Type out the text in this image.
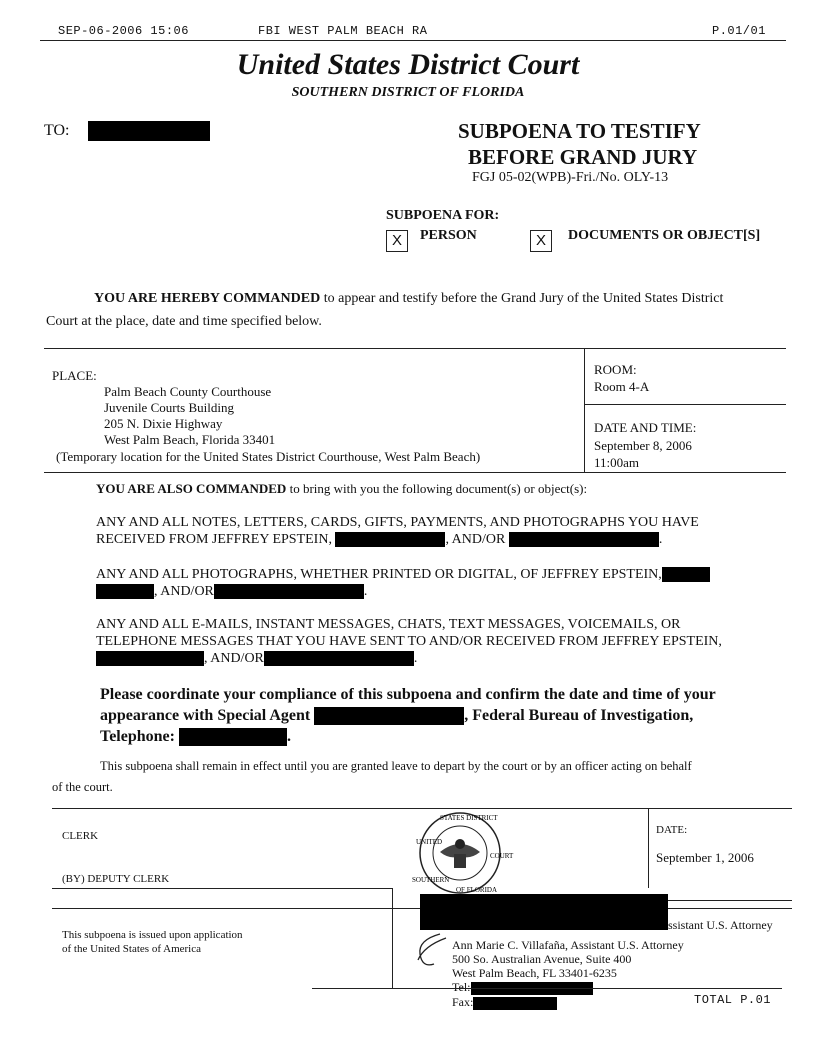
SEP-06-2006 15:06	FBI WEST PALM BEACH RA	P.01/01
United States District Court
SOUTHERN DISTRICT OF FLORIDA
TO:	SUBPOENA TO TESTIFY
BEFORE GRAND JURY
FGJ 05-02(WPB)-Fri./No. OLY-13
SUBPOENA FOR:
X	PERSON	X	DOCUMENTS OR OBJECT[S]
YOU ARE HEREBY COMMANDED to appear and testify before the Grand Jury of the United States District
Court at the place, date and time specified below.
PLACE:
Palm Beach County Courthouse
Juvenile Courts Building
205 N. Dixie Highway
West Palm Beach, Florida 33401
(Temporary location for the United States District Courthouse, West Palm Beach)
ROOM:
Room 4-A
DATE AND TIME:
September 8, 2006
11:00am
YOU ARE ALSO COMMANDED to bring with you the following document(s) or object(s):
ANY AND ALL NOTES, LETTERS, CARDS, GIFTS, PAYMENTS, AND PHOTOGRAPHS YOU HAVE
RECEIVED FROM JEFFREY EPSTEIN,	, AND/OR	.
ANY AND ALL PHOTOGRAPHS, WHETHER PRINTED OR DIGITAL, OF JEFFREY EPSTEIN,
, AND/OR	.
ANY AND ALL E-MAILS, INSTANT MESSAGES, CHATS, TEXT MESSAGES, VOICEMAILS, OR
TELEPHONE MESSAGES THAT YOU HAVE SENT TO AND/OR RECEIVED FROM JEFFREY EPSTEIN,
, AND/OR	.
Please coordinate your compliance of this subpoena and confirm the date and time of your
appearance with Special Agent	, Federal Bureau of Investigation,
Telephone:	.
This subpoena shall remain in effect until you are granted leave to depart by the court or by an officer acting on behalf
of the court.
CLERK
(BY) DEPUTY CLERK
DATE:
September 1, 2006
STATES DISTRICT
UNITED
COURT
SOUTHERN
OF FLORIDA
This subpoena is issued upon application
of the United States of America
ssistant U.S. Attorney
Ann Marie C. Villafaña, Assistant U.S. Attorney
500 So. Australian Avenue, Suite 400
West Palm Beach, FL 33401-6235
Tel:
Fax:	TOTAL P.01
